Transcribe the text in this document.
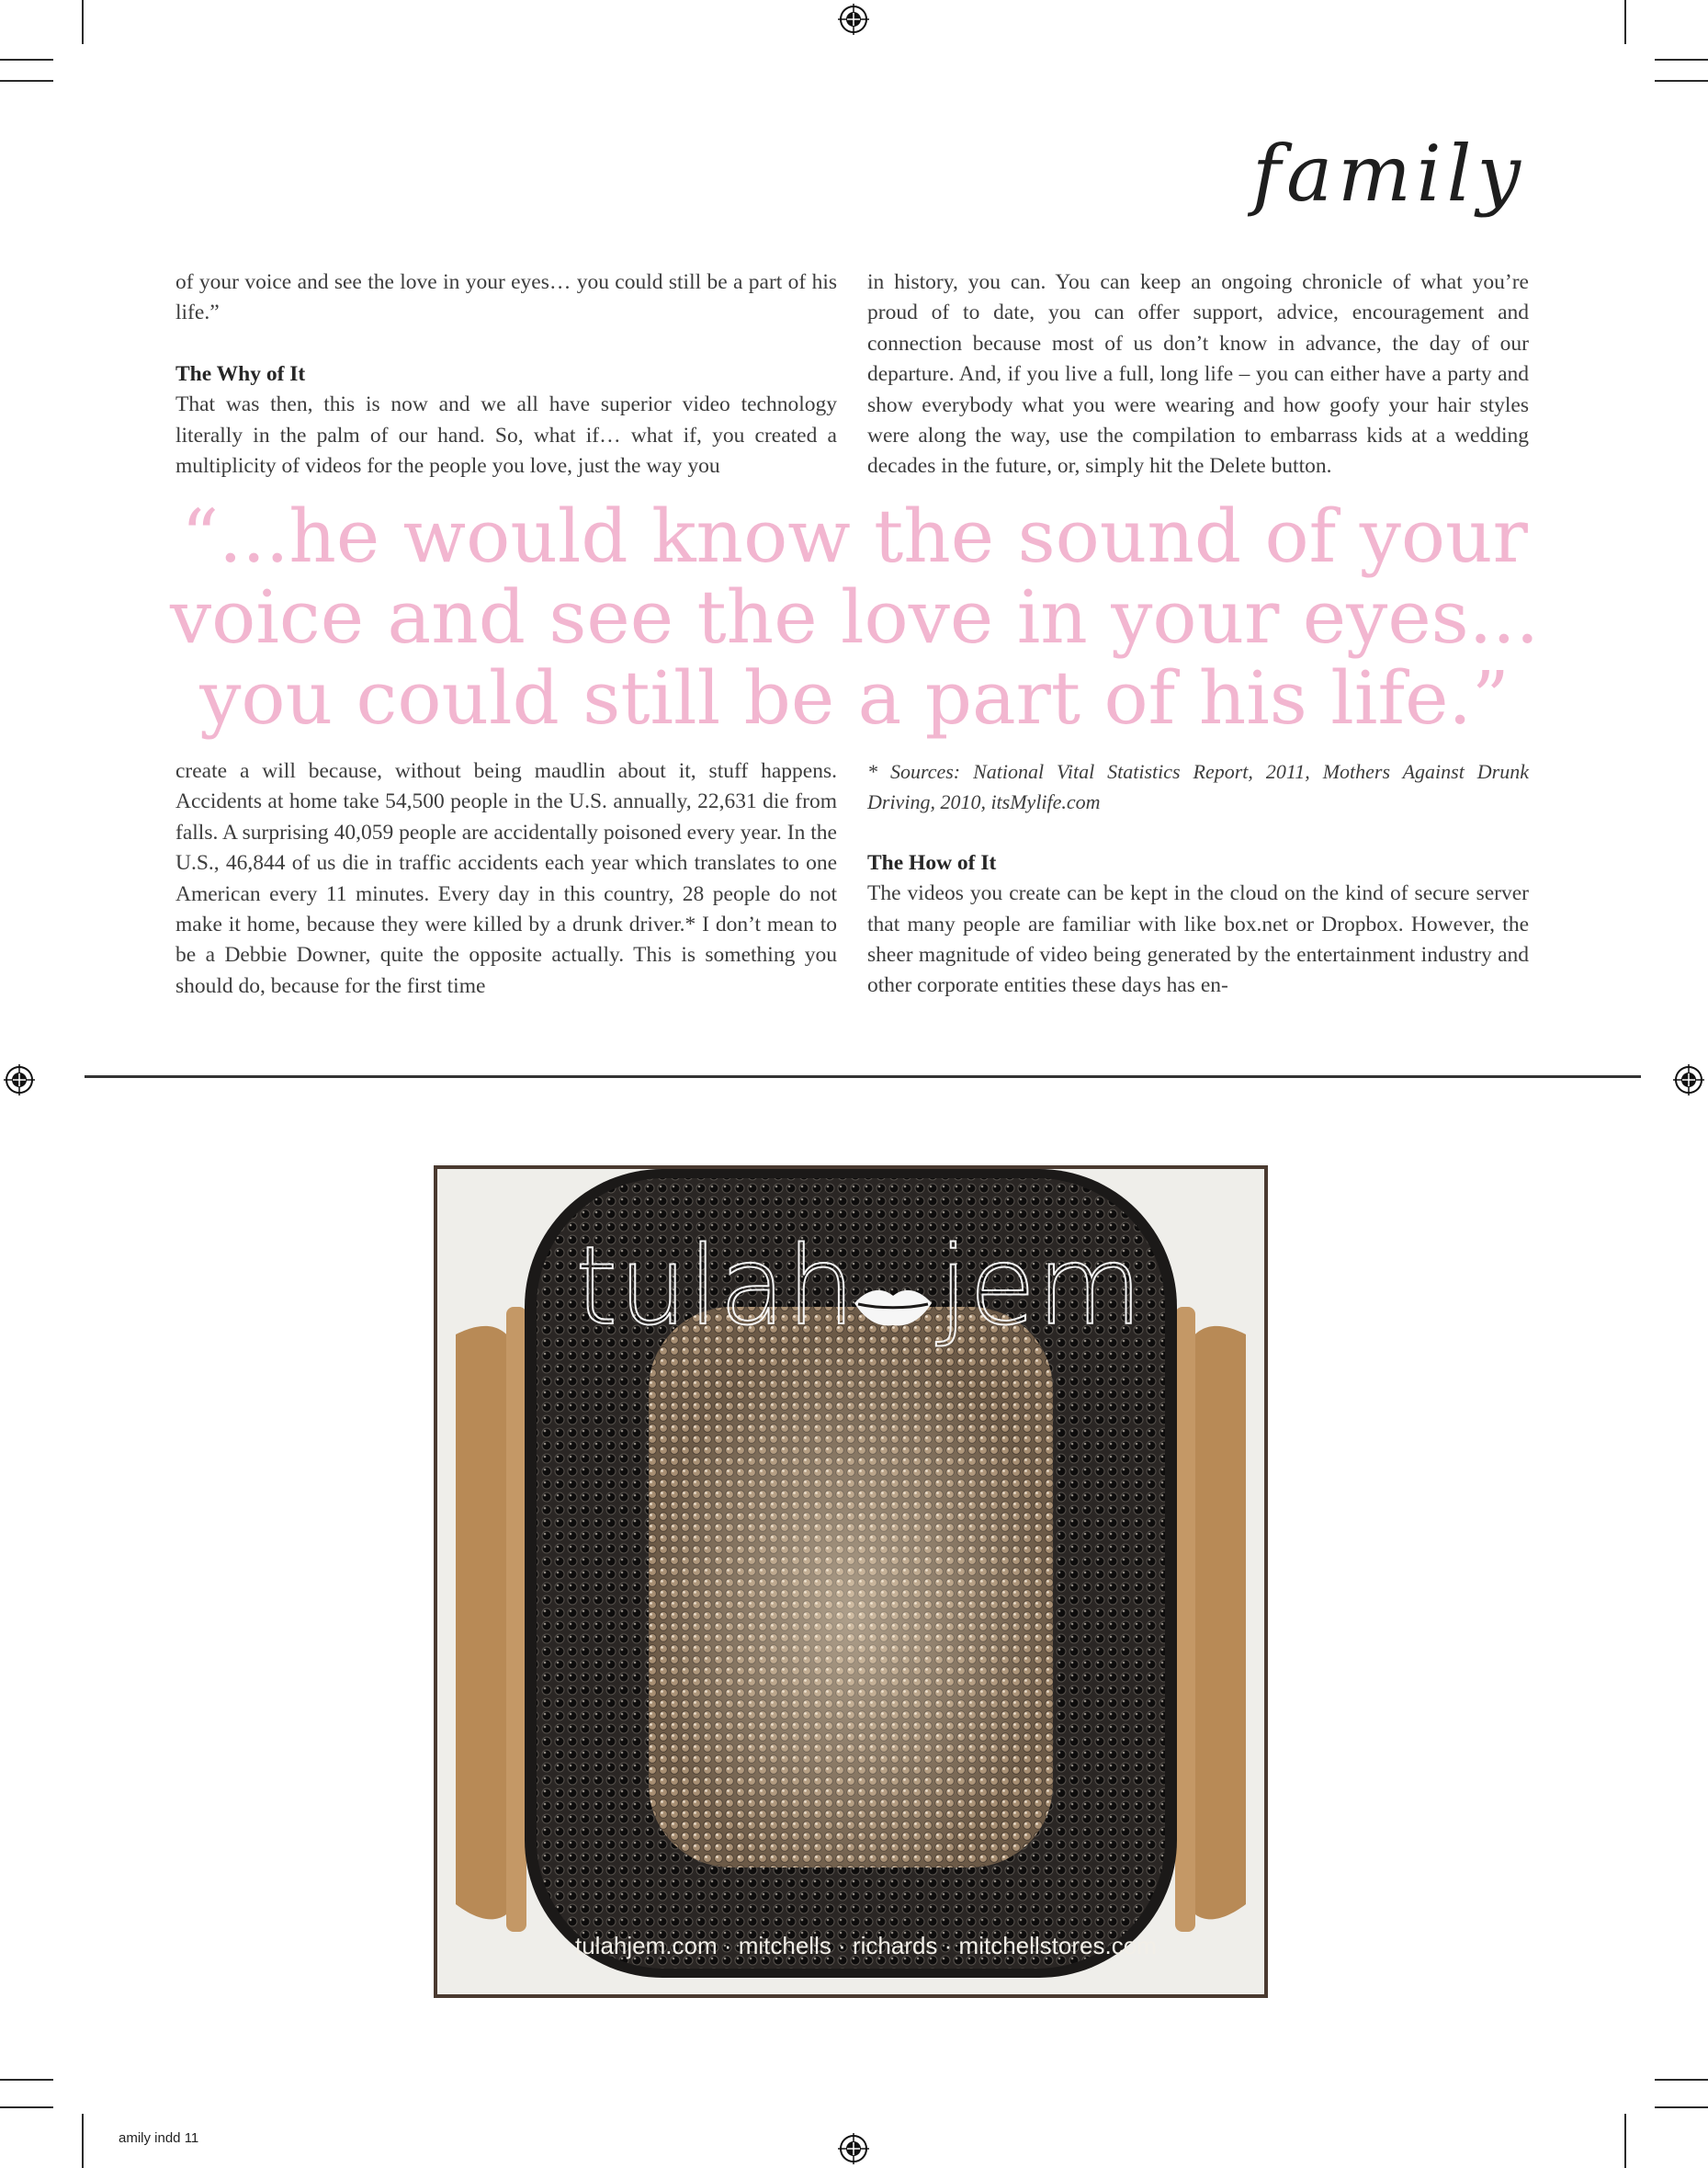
family

of your voice and see the love in your eyes… you could still be a part of his life.”

The Why of It

That was then, this is now and we all have superior video technology literally in the palm of our hand. So, what if… what if, you created a multiplicity of videos for the people you love, just the way you

in history, you can. You can keep an ongoing chronicle of what you’re proud of to date, you can offer support, advice, encouragement and connection because most of us don’t know in advance, the day of our departure. And, if you live a full, long life – you can either have a party and show everybody what you were wearing and how goofy your hair styles were along the way, use the compilation to embarrass kids at a wedding decades in the future, or, simply hit the Delete button.

“...he would know the sound of your voice and see the love in your eyes... you could still be a part of his life.”

create a will because, without being maudlin about it, stuff happens. Accidents at home take 54,500 people in the U.S. annually, 22,631 die from falls. A surprising 40,059 people are accidentally poisoned every year. In the U.S., 46,844 of us die in traffic accidents each year which translates to one American every 11 minutes. Every day in this country, 28 people do not make it home, because they were killed by a drunk driver.* I don’t mean to be a Debbie Downer, quite the opposite actually. This is something you should do, because for the first time

* Sources: National Vital Statistics Report, 2011, Mothers Against Drunk Driving, 2010, itsMylife.com

The How of It

The videos you create can be kept in the cloud on the kind of secure server that many people are familiar with like box.net or Dropbox. However, the sheer magnitude of video being generated by the entertainment industry and other corporate entities these days has en-

tulah jem
tulahjem.com · mitchells · richards · mitchellstores.com
amily indd 11
